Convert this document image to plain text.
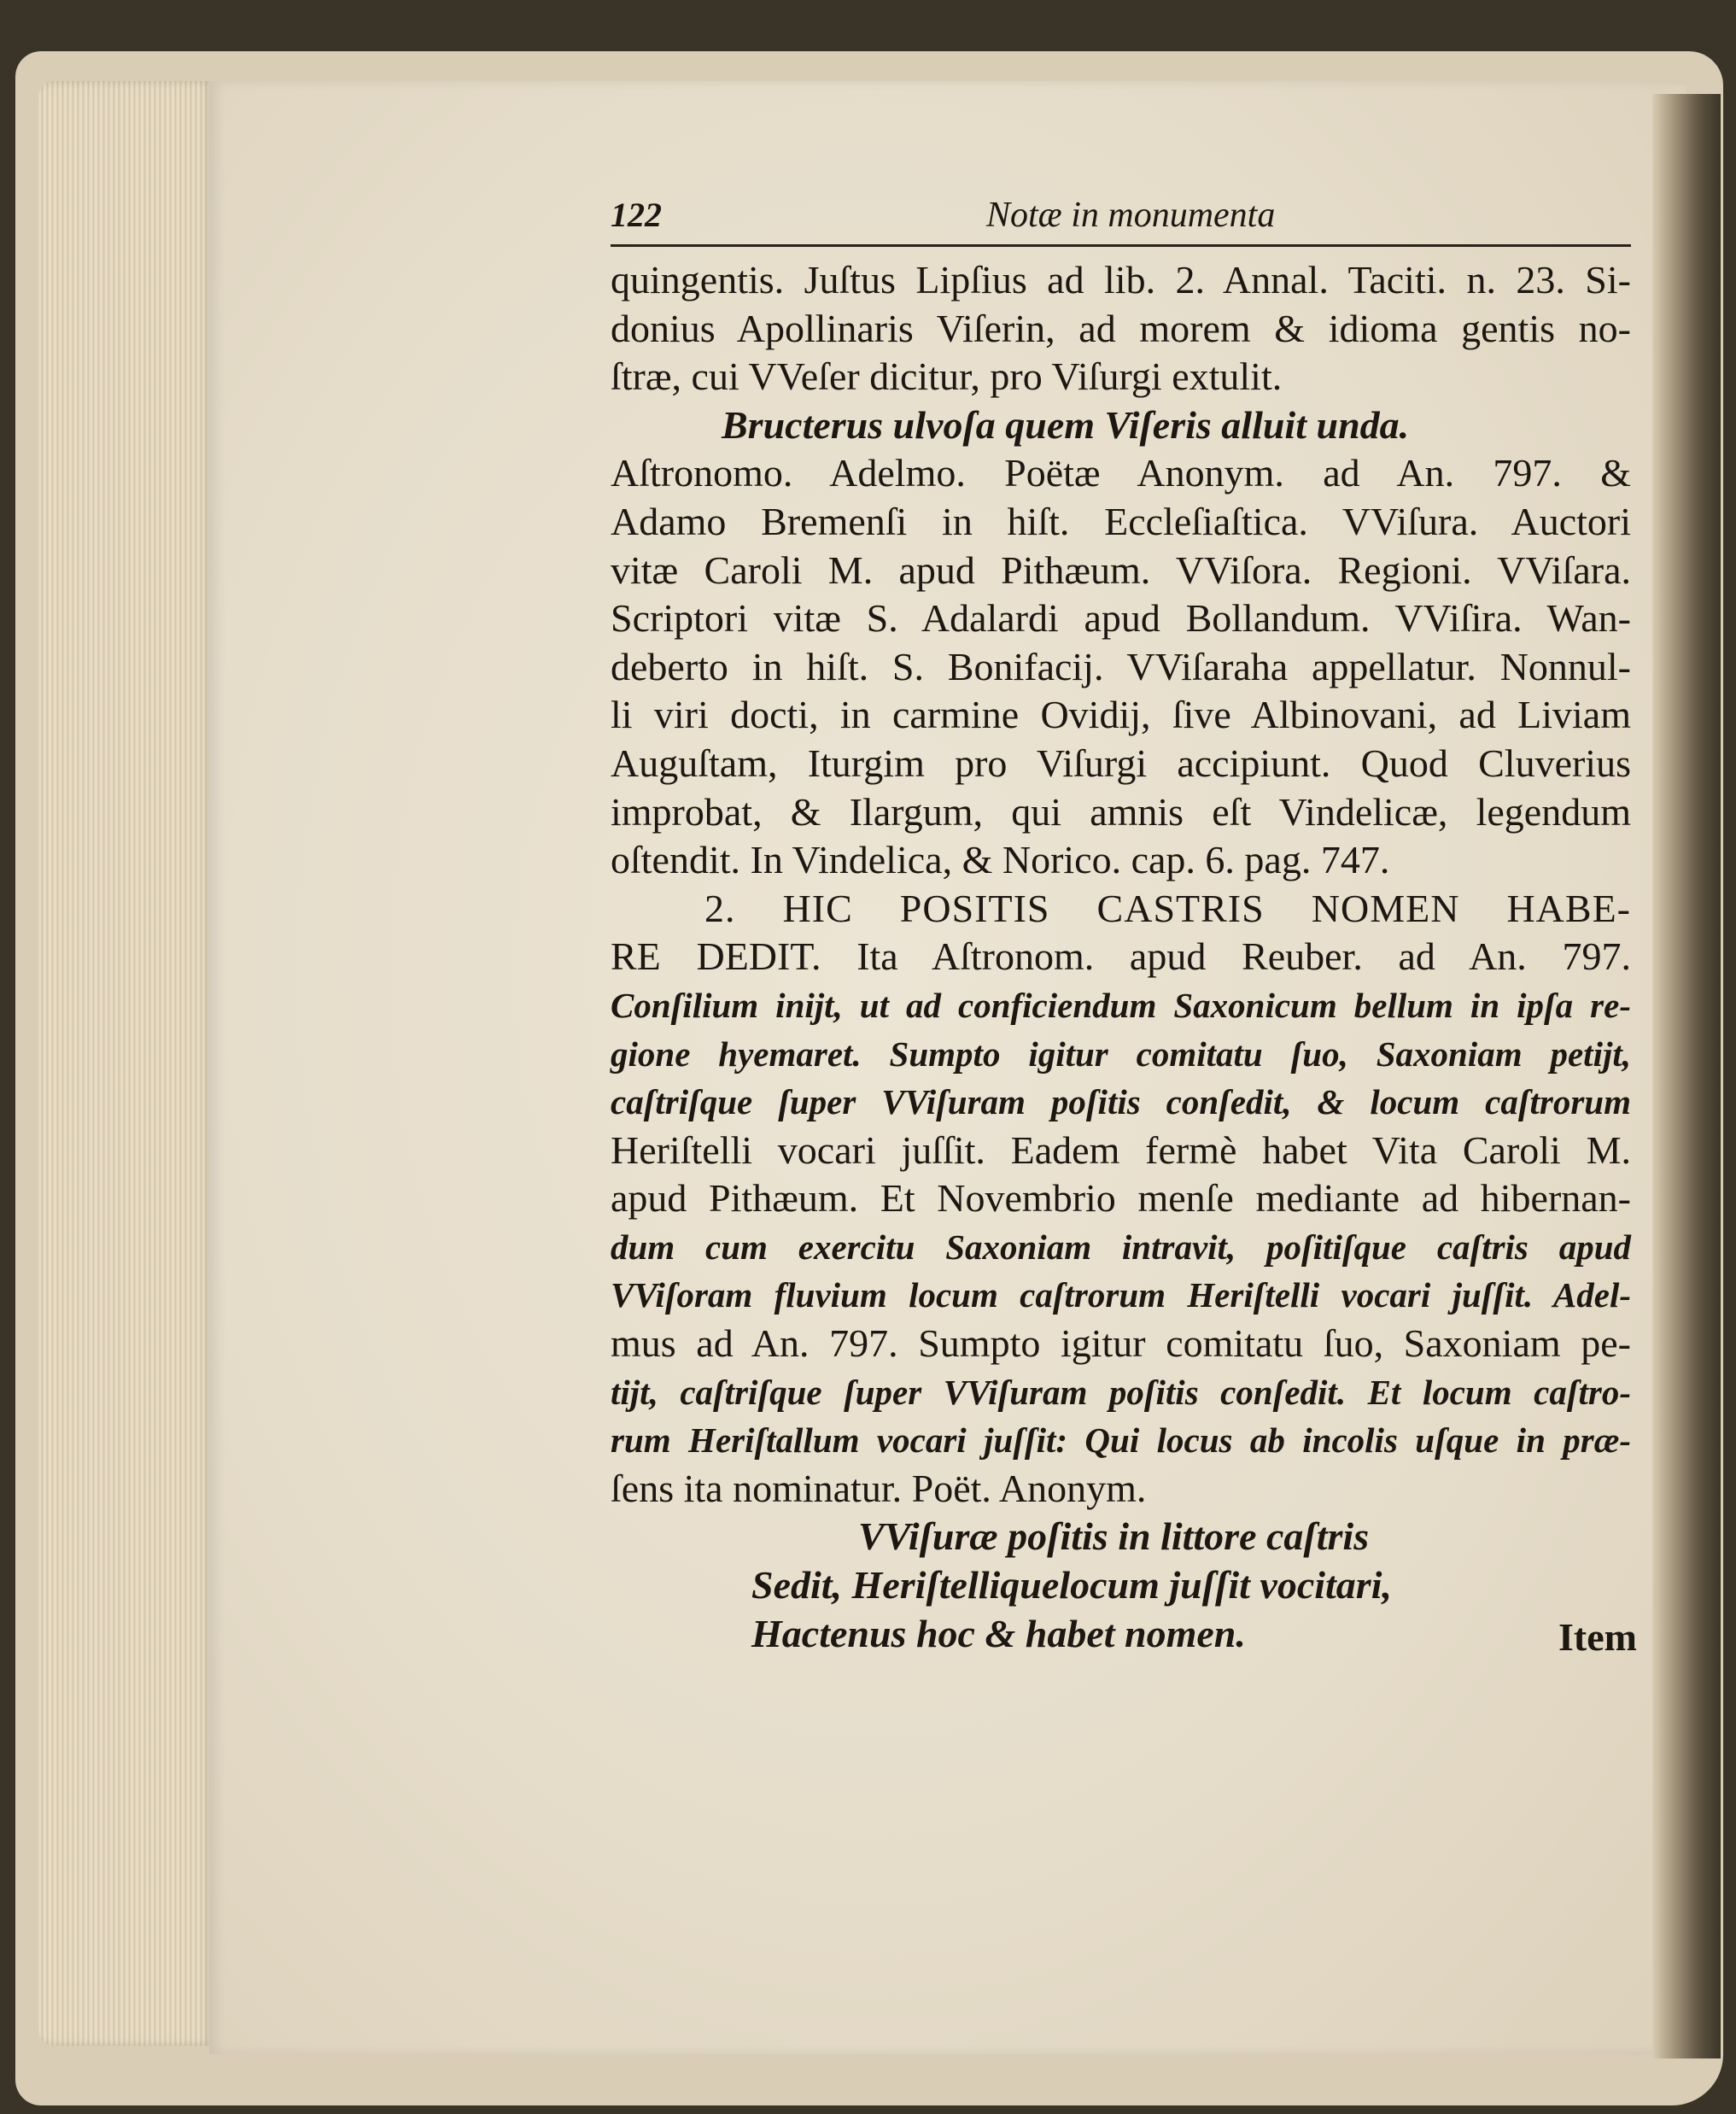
122	Notæ in monumenta
quingentis. Juſtus Lipſius ad lib. 2. Annal. Taciti. n. 23. Si-
donius Apollinaris Viſerin, ad morem & idioma gentis no-
ſtræ, cui VVeſer dicitur, pro Viſurgi extulit.
Bructerus ulvoſa quem Viſeris alluit unda.
Aſtronomo. Adelmo. Poëtæ Anonym. ad An. 797. &
Adamo Bremenſi in hiſt. Eccleſiaſtica. VViſura. Auctori
vitæ Caroli M. apud Pithæum. VViſora. Regioni. VViſara.
Scriptori vitæ S. Adalardi apud Bollandum. VViſira. Wan-
deberto in hiſt. S. Bonifacij. VViſaraha appellatur. Nonnul-
li viri docti, in carmine Ovidij, ſive Albinovani, ad Liviam
Auguſtam, Iturgim pro Viſurgi accipiunt. Quod Cluverius
improbat, & Ilargum, qui amnis eſt Vindelicæ, legendum
oſtendit. In Vindelica, & Norico. cap. 6. pag. 747.
2. HIC POSITIS CASTRIS NOMEN HABE-
RE DEDIT. Ita Aſtronom. apud Reuber. ad An. 797.
Conſilium inijt, ut ad conficiendum Saxonicum bellum in ipſa re-
gione hyemaret. Sumpto igitur comitatu ſuo, Saxoniam petijt,
caſtriſque ſuper VViſuram poſitis conſedit, & locum caſtrorum
Heriſtelli vocari juſſit. Eadem fermè habet Vita Caroli M.
apud Pithæum. Et Novembrio menſe mediante ad hibernan-
dum cum exercitu Saxoniam intravit, poſitiſque caſtris apud
VViſoram fluvium locum caſtrorum Heriſtelli vocari juſſit. Adel-
mus ad An. 797. Sumpto igitur comitatu ſuo, Saxoniam pe-
tijt, caſtriſque ſuper VViſuram poſitis conſedit. Et locum caſtro-
rum Heriſtallum vocari juſſit: Qui locus ab incolis uſque in præ-
ſens ita nominatur. Poët. Anonym.
VViſuræ poſitis in littore caſtris
Sedit, Heriſtelliquelocum juſſit vocitari,
Hactenus hoc & habet nomen.	Item
